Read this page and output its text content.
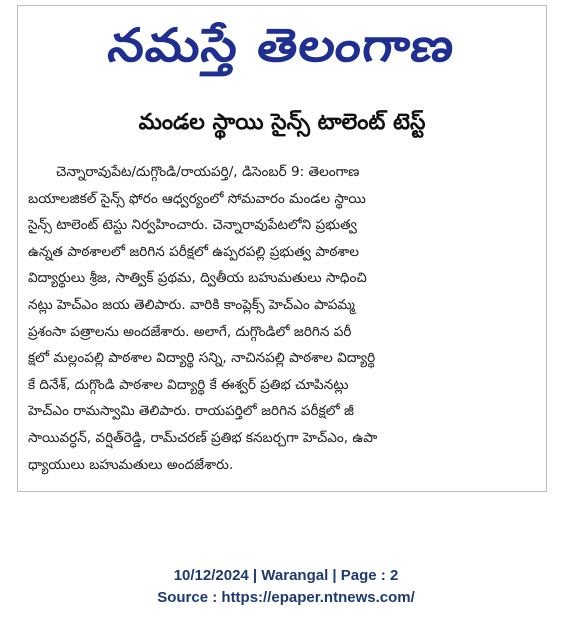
నమస్తే తెలంగాణ
మండల స్థాయి సైన్స్ టాలెంట్ టెస్ట్
చెన్నారావుపేట/దుగ్గొండి/రాయపర్తి/, డిసెంబర్ 9: తెలంగాణ
బయాలజికల్ సైన్స్ ఫోరం ఆధ్వర్యంలో సోమవారం మండల స్థాయి
సైన్స్ టాలెంట్ టెస్టు నిర్వహించారు. చెన్నారావుపేటలోని ప్రభుత్వ
ఉన్నత పాఠశాలలో జరిగిన పరీక్షలో ఉప్పరపల్లి ప్రభుత్వ పాఠశాల
విద్యార్థులు శ్రీజ, సాత్విక్ ప్రథమ, ద్వితీయ బహుమతులు సాధించి
నట్లు హెచ్ఎం జయ తెలిపారు. వారికి కాంప్లెక్స్ హెచ్ఎం పాపమ్మ
ప్రశంసా పత్రాలను అందజేశారు. అలాగే, దుగ్గొండిలో జరిగిన పరీ
క్షలో మల్లంపల్లి పాఠశాల విద్యార్థి సన్ని, నాచినపల్లి పాఠశాల విద్యార్థి
కే దినేశ్, దుగ్గొండి పాఠశాల విద్యార్థి కే ఈశ్వర్ ప్రతిభ చూపినట్లు
హెచ్ఎం రామస్వామి తెలిపారు. రాయపర్తిలో జరిగిన పరీక్షలో జీ
సాయివర్ధన్, వర్షిత్‌రెడ్డి, రామ్‌చరణ్ ప్రతిభ కనబర్చగా హెచ్ఎం, ఉపా
ధ్యాయులు బహుమతులు అందజేశారు.
10/12/2024 | Warangal | Page : 2
Source : https://epaper.ntnews.com/
